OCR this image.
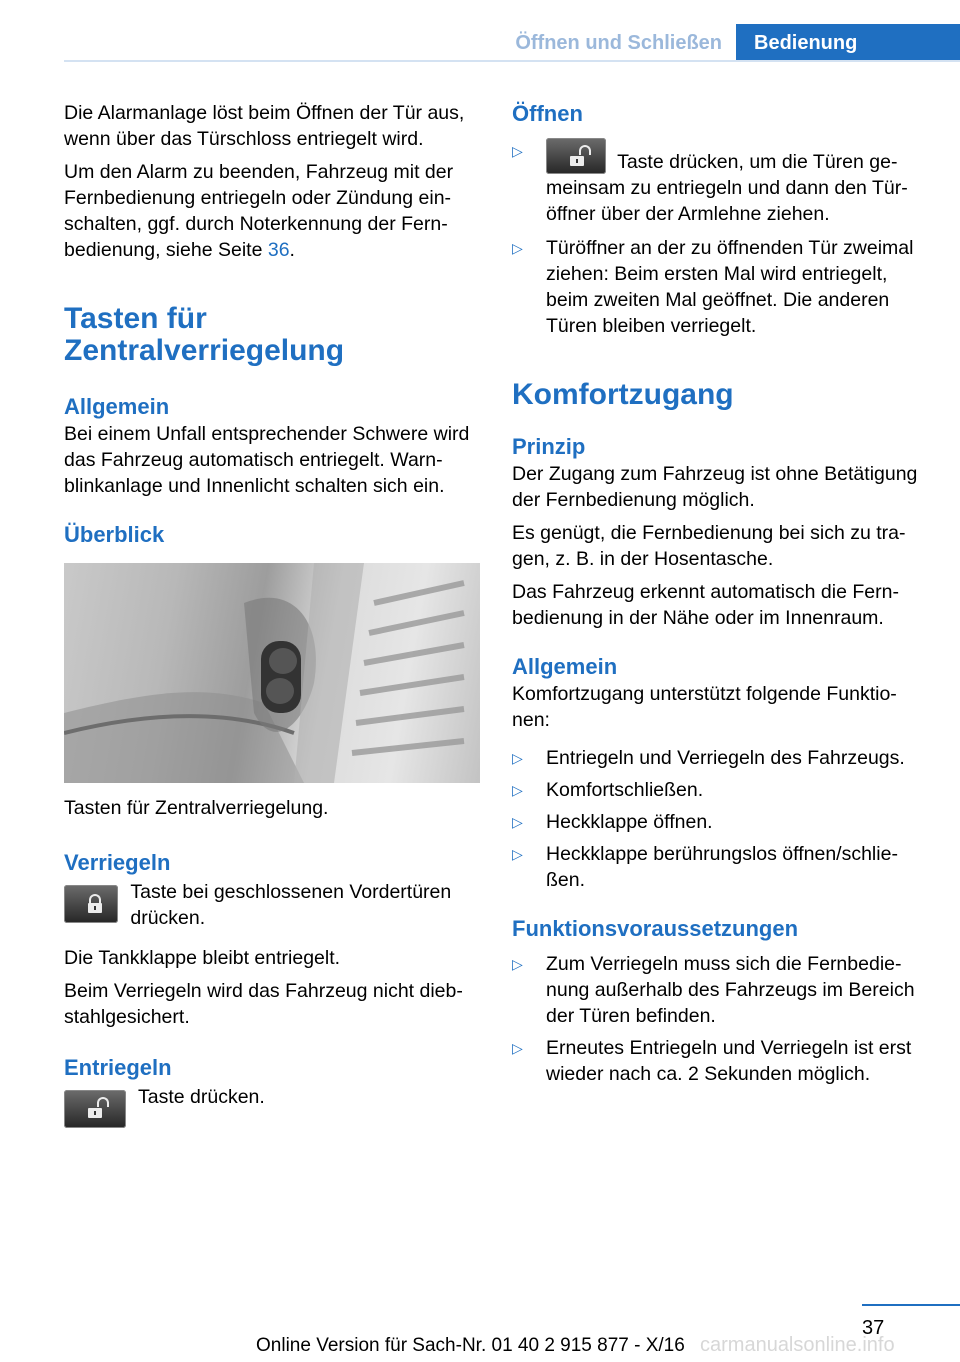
Öffnen und Schließen	Bedienung

Die Alarmanlage löst beim Öffnen der Tür aus, wenn über das Türschloss entriegelt wird.

Um den Alarm zu beenden, Fahrzeug mit der Fernbedienung entriegeln oder Zündung ein-schalten, ggf. durch Noterkennung der Fern-bedienung, siehe Seite 36.

Tasten für Zentralverriegelung
Allgemein

Bei einem Unfall entsprechender Schwere wird das Fahrzeug automatisch entriegelt. Warn-blinkanlage und Innenlicht schalten sich ein.

Überblick

Tasten für Zentralverriegelung.

Verriegeln
Taste bei geschlossenen Vordertüren drücken.

Die Tankklappe bleibt entriegelt.

Beim Verriegeln wird das Fahrzeug nicht dieb-stahlgesichert.

Entriegeln
Taste drücken.
Öffnen
▷	Taste drücken, um die Türen ge-meinsam zu entriegeln und dann den Tür-öffner über der Armlehne ziehen.
▷ Türöffner an der zu öffnenden Tür zweimal ziehen: Beim ersten Mal wird entriegelt, beim zweiten Mal geöffnet. Die anderen Türen bleiben verriegelt.
Komfortzugang
Prinzip

Der Zugang zum Fahrzeug ist ohne Betätigung der Fernbedienung möglich.

Es genügt, die Fernbedienung bei sich zu tra-gen, z. B. in der Hosentasche.

Das Fahrzeug erkennt automatisch die Fern-bedienung in der Nähe oder im Innenraum.

Allgemein

Komfortzugang unterstützt folgende Funktio-nen:

▷ Entriegeln und Verriegeln des Fahrzeugs.
▷ Komfortschließen.
▷ Heckklappe öffnen.
▷ Heckklappe berührungslos öffnen/schlie-ßen.
Funktionsvoraussetzungen
▷ Zum Verriegeln muss sich die Fernbedie-nung außerhalb des Fahrzeugs im Bereich der Türen befinden.
▷ Erneutes Entriegeln und Verriegeln ist erst wieder nach ca. 2 Sekunden möglich.
37
Online Version für Sach-Nr. 01 40 2 915 877 - X/16 carmanualsonline.info
